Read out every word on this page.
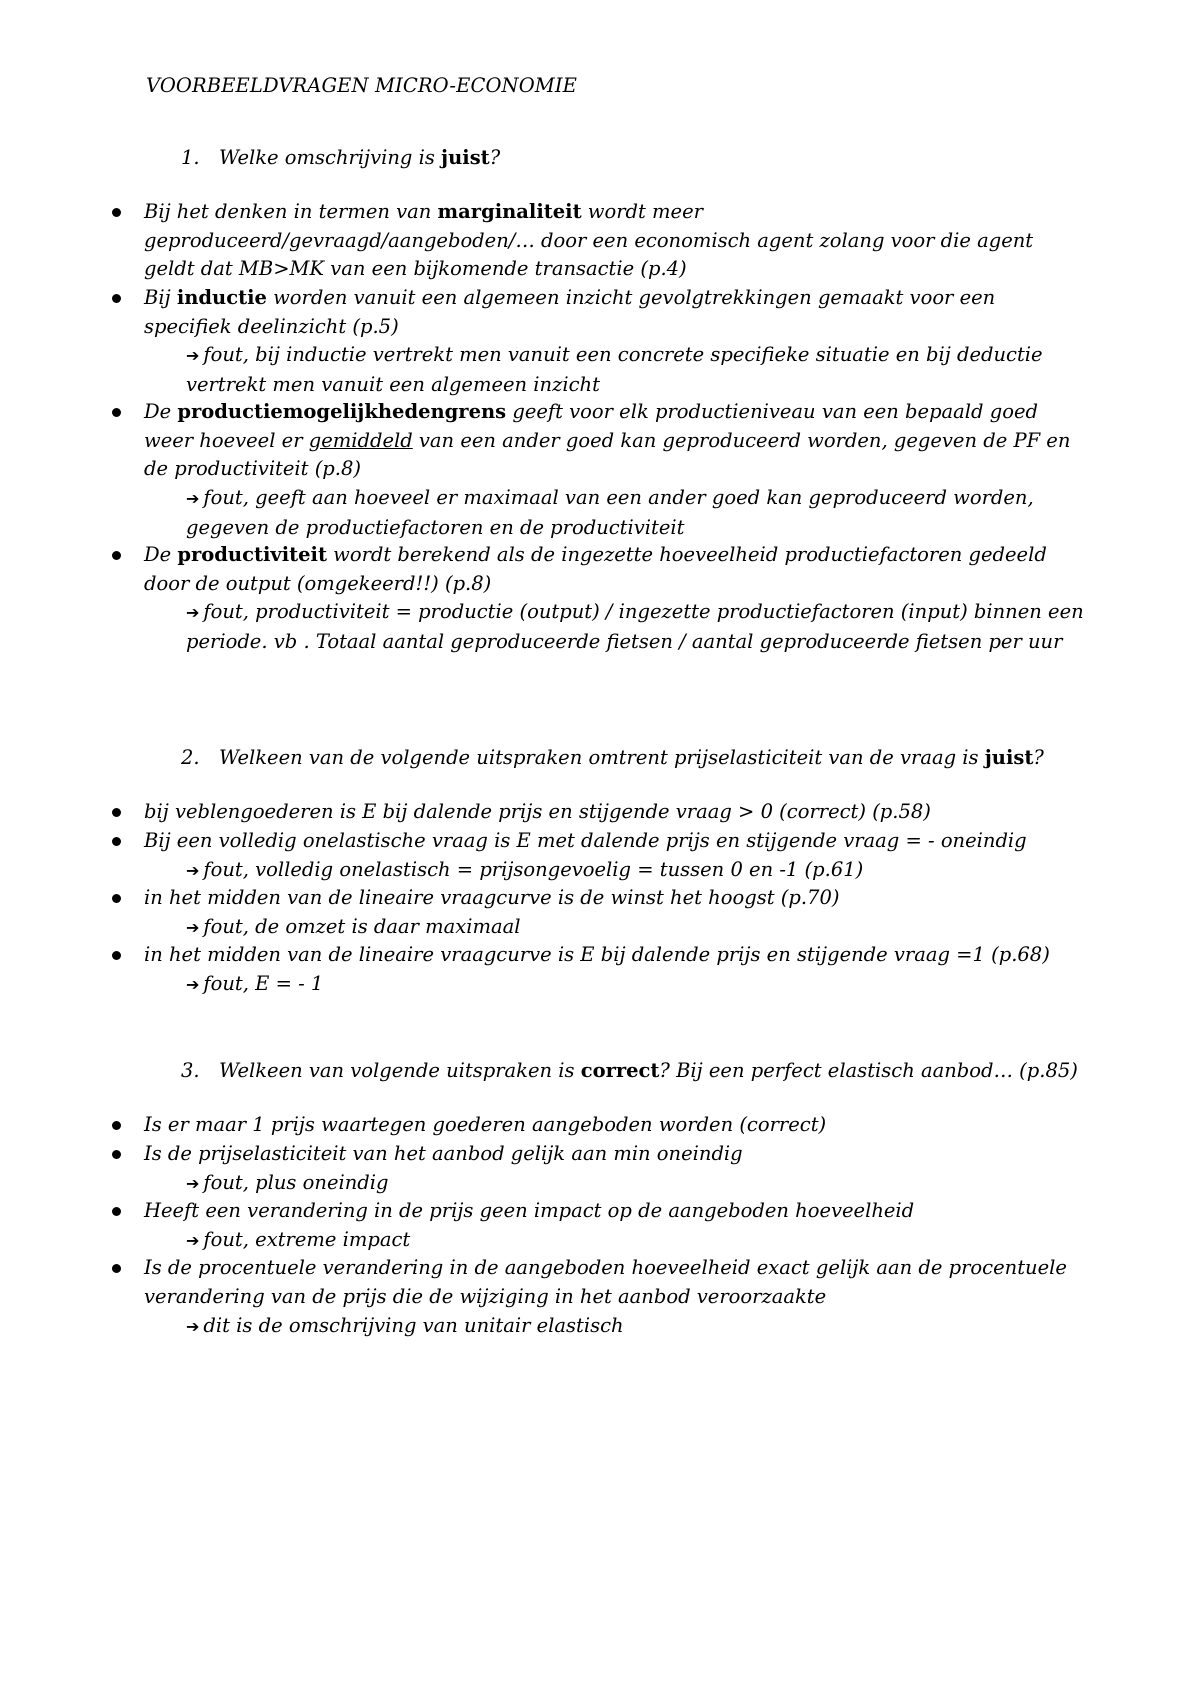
VOORBEELDVRAGEN MICRO-ECONOMIE
1. Welke omschrijving is juist?
Bij het denken in termen van marginaliteit wordt meer geproduceerd/gevraagd/aangeboden/… door een economisch agent zolang voor die agent geldt dat MB>MK van een bijkomende transactie (p.4)
Bij inductie worden vanuit een algemeen inzicht gevolgtrekkingen gemaakt voor een specifiek deelinzicht (p.5)
➔ fout, bij inductie vertrekt men vanuit een concrete specifieke situatie en bij deductie vertrekt men vanuit een algemeen inzicht
De productiemogelijkhedengrens geeft voor elk productieniveau van een bepaald goed weer hoeveel er gemiddeld van een ander goed kan geproduceerd worden, gegeven de PF en de productiviteit (p.8)
➔ fout, geeft aan hoeveel er maximaal van een ander goed kan geproduceerd worden, gegeven de productiefactoren en de productiviteit
De productiviteit wordt berekend als de ingezette hoeveelheid productiefactoren gedeeld door de output (omgekeerd!!) (p.8)
➔ fout, productiviteit = productie (output) / ingezette productiefactoren (input) binnen een periode. vb . Totaal aantal geproduceerde fietsen / aantal geproduceerde fietsen per uur
2. Welkeen van de volgende uitspraken omtrent prijselasticiteit van de vraag is juist?
bij veblengoederen is E bij dalende prijs en stijgende vraag > 0 (correct) (p.58)
Bij een volledig onelastische vraag is E met dalende prijs en stijgende vraag = - oneindig
➔ fout, volledig onelastisch = prijsongevoelig = tussen 0 en -1 (p.61)
in het midden van de lineaire vraagcurve is de winst het hoogst (p.70)
➔ fout, de omzet is daar maximaal
in het midden van de lineaire vraagcurve is E bij dalende prijs en stijgende vraag =1 (p.68)
➔ fout, E = - 1
3. Welkeen van volgende uitspraken is correct? Bij een perfect elastisch aanbod… (p.85)
Is er maar 1 prijs waartegen goederen aangeboden worden (correct)
Is de prijselasticiteit van het aanbod gelijk aan min oneindig
➔ fout, plus oneindig
Heeft een verandering in de prijs geen impact op de aangeboden hoeveelheid
➔ fout, extreme impact
Is de procentuele verandering in de aangeboden hoeveelheid exact gelijk aan de procentuele verandering van de prijs die de wijziging in het aanbod veroorzaakte
➔ dit is de omschrijving van unitair elastisch
